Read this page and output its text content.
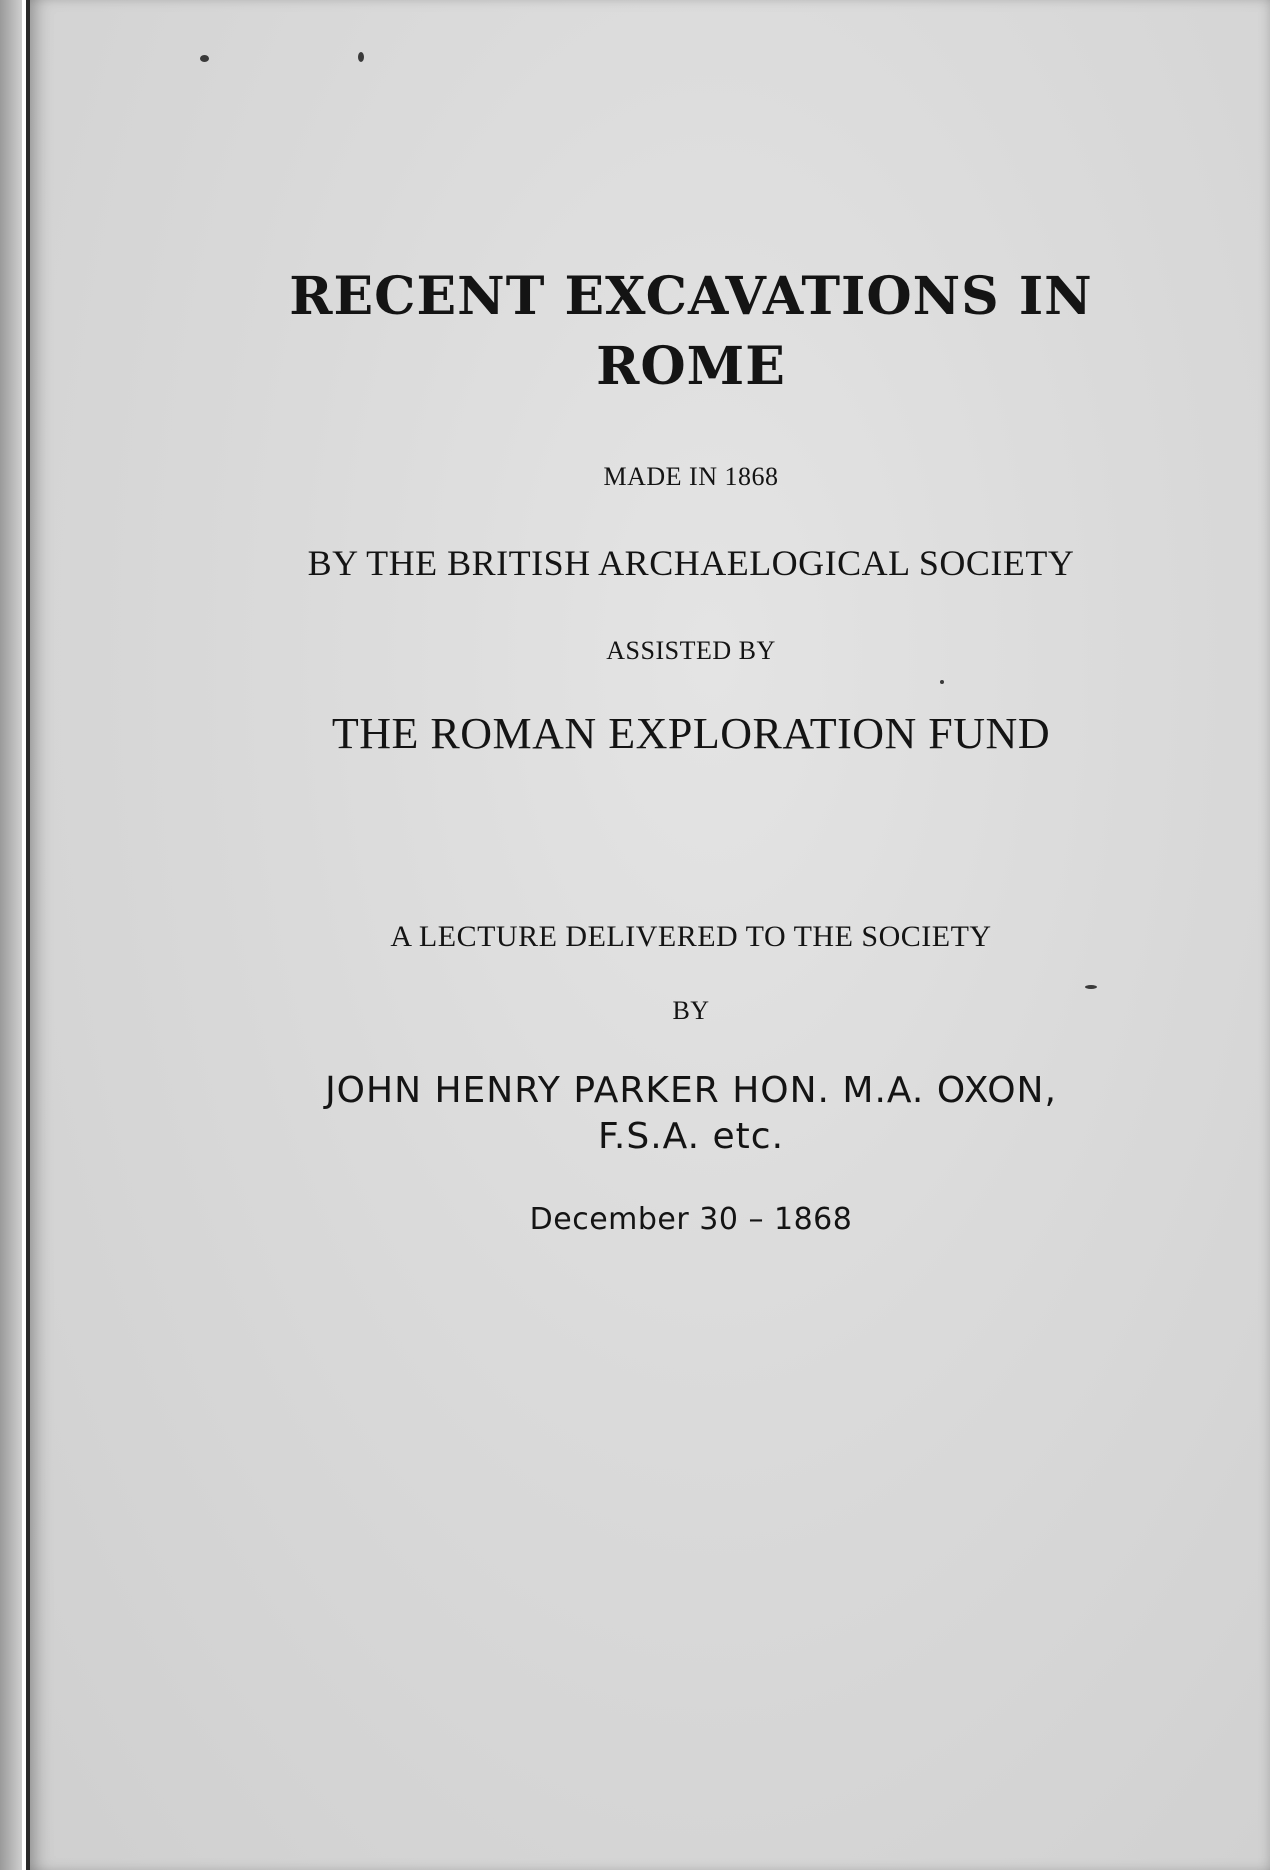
RECENT EXCAVATIONS IN
ROME
MADE IN 1868
BY THE BRITISH ARCHAELOGICAL SOCIETY
ASSISTED BY
THE ROMAN EXPLORATION FUND
A LECTURE DELIVERED TO THE SOCIETY
BY
JOHN HENRY PARKER HON. M.A. OXON,
F.S.A. etc.
December 30 – 1868
